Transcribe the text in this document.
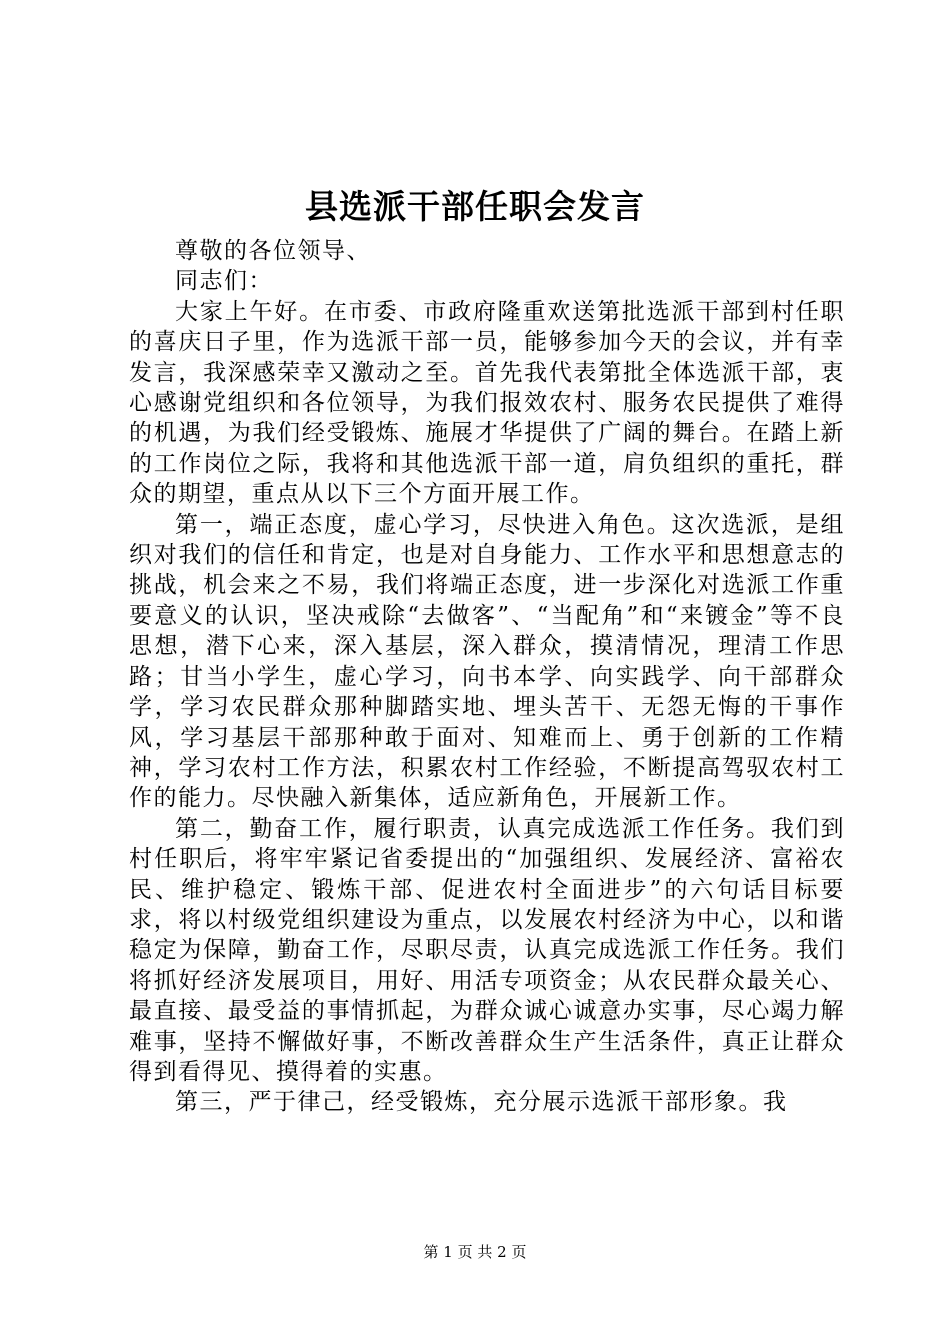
县选派干部任职会发言

尊敬的各位领导、

同志们：

大家上午好。在市委、市政府隆重欢送第批选派干部到村任职的喜庆日子里，作为选派干部一员，能够参加今天的会议，并有幸发言，我深感荣幸又激动之至。首先我代表第批全体选派干部，衷心感谢党组织和各位领导，为我们报效农村、服务农民提供了难得的机遇，为我们经受锻炼、施展才华提供了广阔的舞台。在踏上新的工作岗位之际，我将和其他选派干部一道，肩负组织的重托，群众的期望，重点从以下三个方面开展工作。

第一，端正态度，虚心学习，尽快进入角色。这次选派，是组织对我们的信任和肯定，也是对自身能力、工作水平和思想意志的挑战，机会来之不易，我们将端正态度，进一步深化对选派工作重要意义的认识，坚决戒除“去做客”、“当配角”和“来镀金”等不良思想，潜下心来，深入基层，深入群众，摸清情况，理清工作思路；甘当小学生，虚心学习，向书本学、向实践学、向干部群众学，学习农民群众那种脚踏实地、埋头苦干、无怨无悔的干事作风，学习基层干部那种敢于面对、知难而上、勇于创新的工作精神，学习农村工作方法，积累农村工作经验，不断提高驾驭农村工作的能力。尽快融入新集体，适应新角色，开展新工作。

第二，勤奋工作，履行职责，认真完成选派工作任务。我们到村任职后，将牢牢紧记省委提出的“加强组织、发展经济、富裕农民、维护稳定、锻炼干部、促进农村全面进步”的六句话目标要求，将以村级党组织建设为重点，以发展农村经济为中心，以和谐稳定为保障，勤奋工作，尽职尽责，认真完成选派工作任务。我们将抓好经济发展项目，用好、用活专项资金；从农民群众最关心、最直接、最受益的事情抓起，为群众诚心诚意办实事，尽心竭力解难事，坚持不懈做好事，不断改善群众生产生活条件，真正让群众得到看得见、摸得着的实惠。

第三，严于律己，经受锻炼，充分展示选派干部形象。我

第 1 页 共 2 页
